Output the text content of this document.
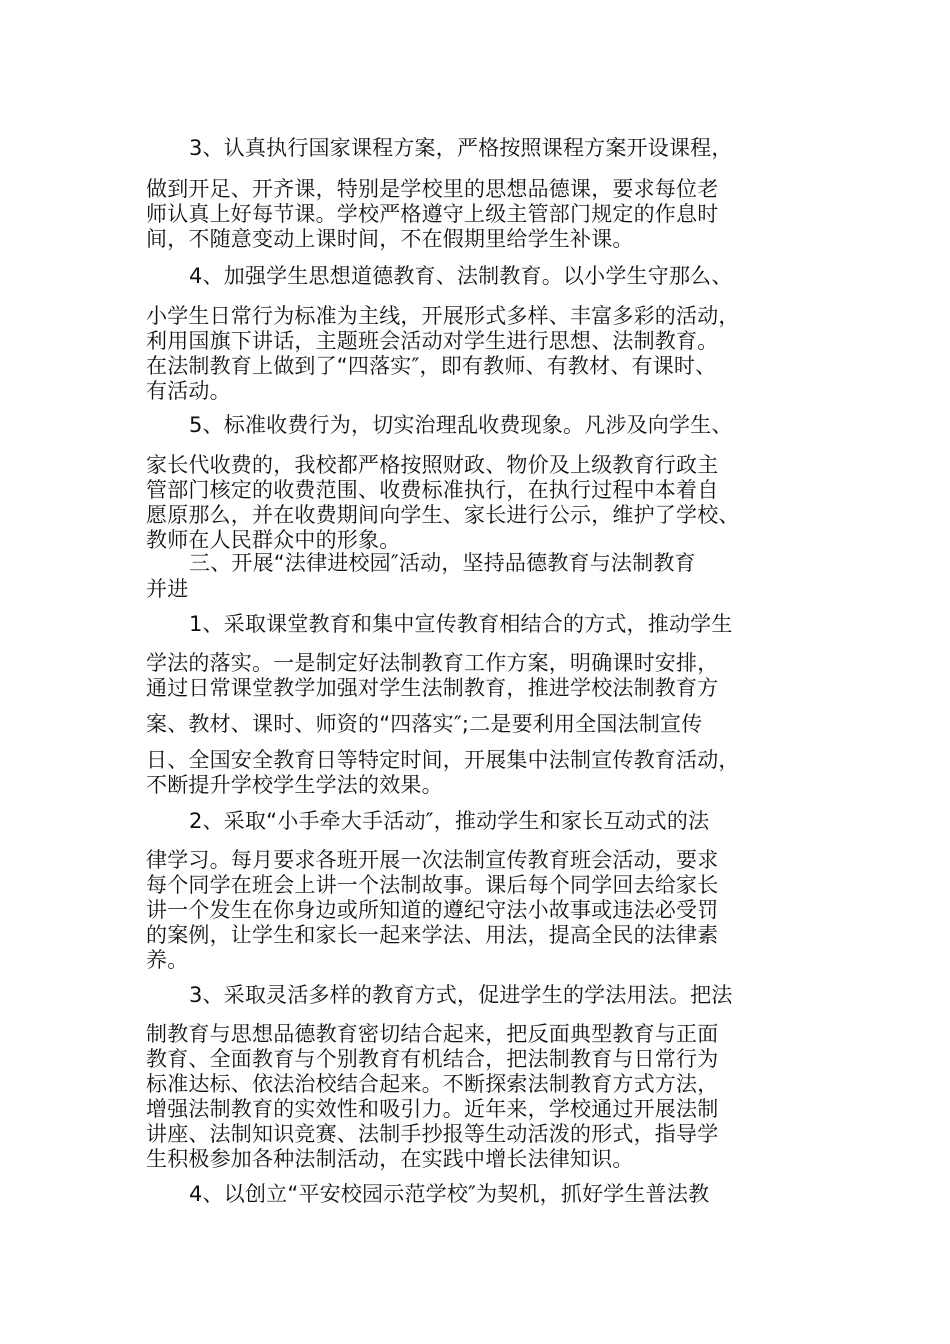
3、认真执行国家课程方案，严格按照课程方案开设课程，
做到开足、开齐课，特别是学校里的思想品德课，要求每位老
师认真上好每节课。学校严格遵守上级主管部门规定的作息时
间，不随意变动上课时间，不在假期里给学生补课。
4、加强学生思想道德教育、法制教育。以小学生守那么、
小学生日常行为标准为主线，开展形式多样、丰富多彩的活动，
利用国旗下讲话，主题班会活动对学生进行思想、法制教育。
在法制教育上做到了“四落实″，即有教师、有教材、有课时、
有活动。
5、标准收费行为，切实治理乱收费现象。凡涉及向学生、
家长代收费的，我校都严格按照财政、物价及上级教育行政主
管部门核定的收费范围、收费标准执行，在执行过程中本着自
愿原那么，并在收费期间向学生、家长进行公示，维护了学校、
教师在人民群众中的形象。
三、开展“法律进校园″活动，坚持品德教育与法制教育
并进
1、采取课堂教育和集中宣传教育相结合的方式，推动学生
学法的落实。一是制定好法制教育工作方案，明确课时安排，
通过日常课堂教学加强对学生法制教育，推进学校法制教育方
案、教材、课时、师资的“四落实″;二是要利用全国法制宣传
日、全国安全教育日等特定时间，开展集中法制宣传教育活动，
不断提升学校学生学法的效果。
2、采取“小手牵大手活动″，推动学生和家长互动式的法
律学习。每月要求各班开展一次法制宣传教育班会活动，要求
每个同学在班会上讲一个法制故事。课后每个同学回去给家长
讲一个发生在你身边或所知道的遵纪守法小故事或违法必受罚
的案例，让学生和家长一起来学法、用法，提高全民的法律素
养。
3、采取灵活多样的教育方式，促进学生的学法用法。把法
制教育与思想品德教育密切结合起来，把反面典型教育与正面
教育、全面教育与个别教育有机结合，把法制教育与日常行为
标准达标、依法治校结合起来。不断探索法制教育方式方法，
增强法制教育的实效性和吸引力。近年来，学校通过开展法制
讲座、法制知识竞赛、法制手抄报等生动活泼的形式，指导学
生积极参加各种法制活动，在实践中增长法律知识。
4、以创立“平安校园示范学校″为契机，抓好学生普法教
